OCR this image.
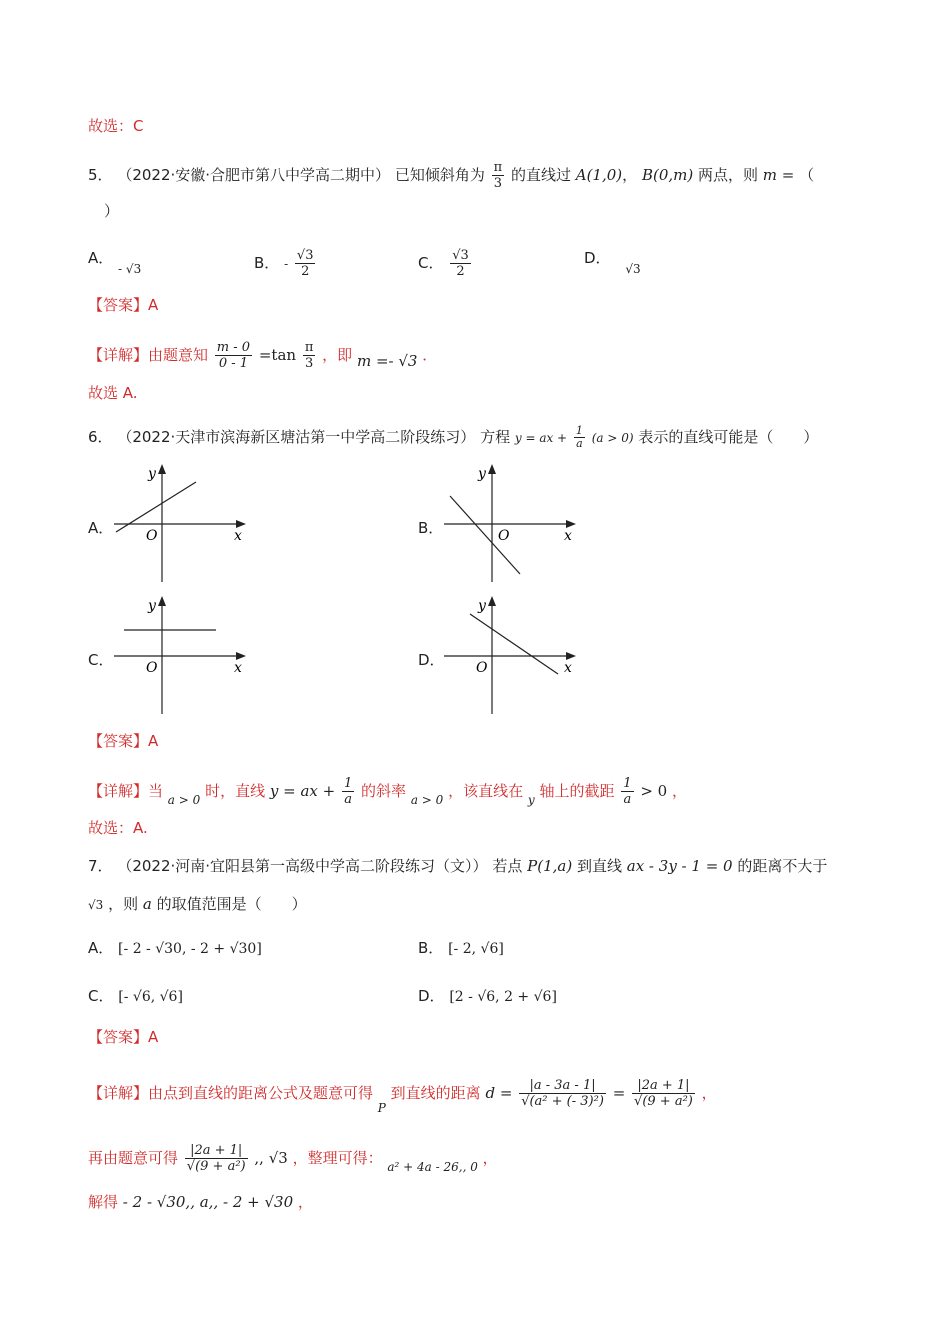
故选：C
5． （2022·安徽·合肥市第八中学高二期中） 已知倾斜角为 $\frac{\pi}{3}$ 的直线过 A(1,0)， B(0,m) 两点，则 m = （
）
A． $_{- √3}$	B． - $\frac{√3}{2}$	C． $\frac{√3}{2}$	D． $_{√3}$
【答案】A
【详解】由题意知 $\frac{m - 0}{0 - 1} =\tan \frac{\pi}{3}$ ，即 m =- √3 ．
故选 A.
6． （2022·天津市滨海新区塘沽第一中学高二阶段练习） 方程 y = ax + $\frac{1}{a} (a > 0)$ 表示的直线可能是（　　）
A．	B．
C．	D．
y
x
O
y
x
O
y
x
O
y
x
O
【答案】A
【详解】当 $_{a > 0}$ 时，直线 y = ax + $\frac{1}{a}$ 的斜率 $_{a > 0}$ ，该直线在 $_y$ 轴上的截距 $\frac{1}{a} > 0$ ，
故选：A.
7． （2022·河南·宜阳县第一高级中学高二阶段练习（文）） 若点 P(1,a) 到直线 ax - 3y - 1 = 0 的距离不大于
√3 ，则 a 的取值范围是（　　）
A． [- 2 - √30, - 2 + √30]	B． [- 2, √6]
C． [- √6, √6]	D． [2 - √6, 2 + √6]
【答案】A
【详解】由点到直线的距离公式及题意可得 $_P$ 到直线的距离 $d = \frac{|a - 3a - 1|}{\text{√(a² + (- 3)²)}} = \frac{|2a + 1|}{\text{√(9 + a²)}}$ ，
再由题意可得 $\frac{|2a + 1|}{\text{√(9 + a²)}}$ ,, √3 ，整理可得： $_{a^2 + 4a - 26,, 0}$ ，
解得 - 2 - √30,, a,, - 2 + √30 ，
